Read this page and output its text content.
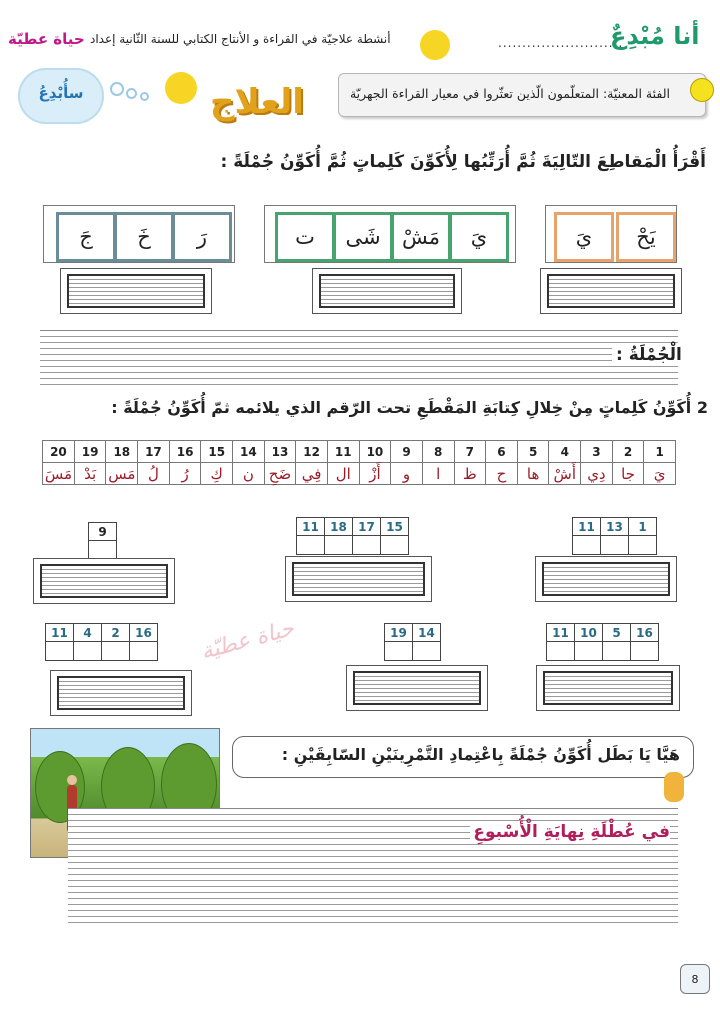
حياة عطيّة أنشطة علاجيّة في القراءة و الأنتاج الكتابي للسنة الثّانية إعداد	..........................
أنا مُبْدِعٌ
سأُبْدِعُ	العلاج	الفئة المعنيّة: المتعلّمون الّذين تعثّروا في معيار القراءة الجهريّة
أَقْرَأُ الْمَقاطِعَ التّالِيَةَ ثُمَّ أُرَتِّبُها لِأُكَوِّنَ كَلِماتٍ ثُمَّ أُكَوِّنُ جُمْلَةً :
يَحْ
يَ
يَ
مَشْ
شَى
ت
رَ
خَ
جَ
الْجُمْلَةُ :
2 أُكَوِّنُ كَلِماتٍ مِنْ خِلالِ كِتابَةِ المَقْطَعِ تحت الرّقم الذي يلائمه ثمّ أُكَوِّنُ جُمْلَةً :
1	2	3	4	5	6	7	8	9	10	11	12	13	14	15	16	17	18	19	20
يَ	جا	دِي	أَشْ	ها	ح	ظ	ا	و	أَزْ	ال	فِي	ضَحِ	ن	كِ	رُ	لُ	مَس	بَدْ	مَسَ
1	13	11

15	17	18	11

9

16	5	10	11

14	19

16	2	4	11
				حياة عطيّة
هَيَّا يَا بَطَل أُكَوِّنُ جُمْلَةً بِاعْتِمادِ التَّمْرِينَيْنِ السّابِقَيْنِ :
في عُطْلَةِ نِهايَةِ الْأُسْبوعِ
8
